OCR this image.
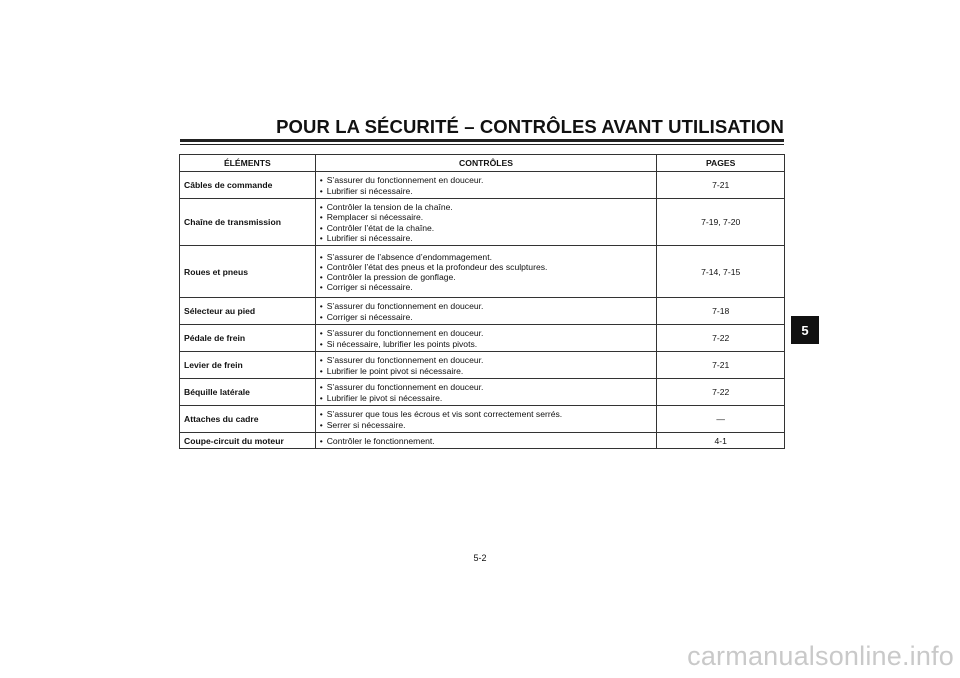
POUR LA SÉCURITÉ – CONTRÔLES AVANT UTILISATION
ÉLÉMENTS	CONTRÔLES	PAGES
Câbles de commande	• S’assurer du fonctionnement en douceur.
• Lubrifier si nécessaire.	7-21
Chaîne de transmission	• Contrôler la tension de la chaîne.
• Remplacer si nécessaire.
• Contrôler l’état de la chaîne.
• Lubrifier si nécessaire.	7-19, 7-20
Roues et pneus	• S’assurer de l’absence d’endommagement.
• Contrôler l’état des pneus et la profondeur des sculptures.
• Contrôler la pression de gonflage.
• Corriger si nécessaire.	7-14, 7-15
Sélecteur au pied	• S’assurer du fonctionnement en douceur.
• Corriger si nécessaire.	7-18
Pédale de frein	• S’assurer du fonctionnement en douceur.
• Si nécessaire, lubrifier les points pivots.	7-22
Levier de frein	• S’assurer du fonctionnement en douceur.
• Lubrifier le point pivot si nécessaire.	7-21
Béquille latérale	• S’assurer du fonctionnement en douceur.
• Lubrifier le pivot si nécessaire.	7-22
Attaches du cadre	• S’assurer que tous les écrous et vis sont correctement serrés.
• Serrer si nécessaire.	—
Coupe-circuit du moteur	• Contrôler le fonctionnement.	4-1
5
5-2
carmanualsonline.info
